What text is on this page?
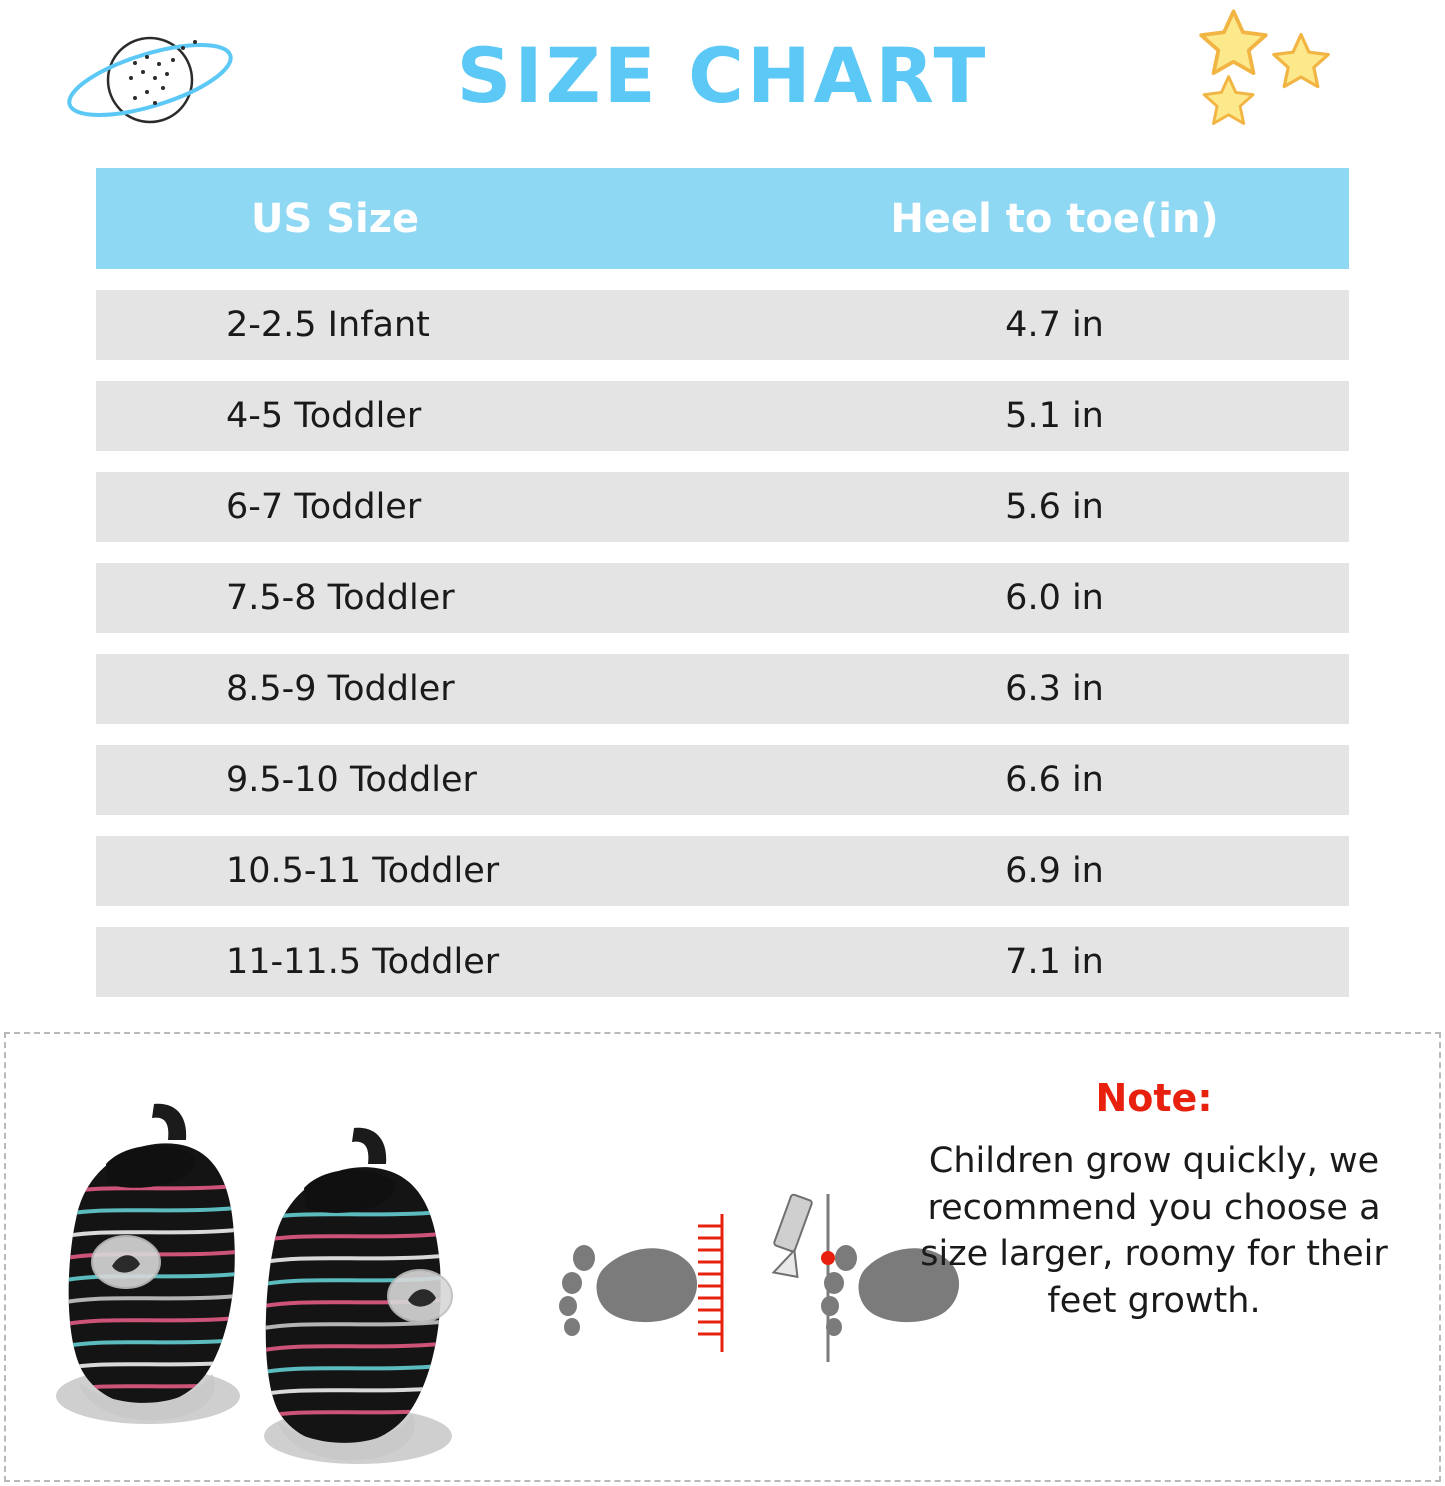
SIZE CHART
US Size	Heel to toe(in)
2-2.5 Infant	4.7 in
4-5 Toddler	5.1 in
6-7 Toddler	5.6 in
7.5-8 Toddler	6.0 in
8.5-9 Toddler	6.3 in
9.5-10 Toddler	6.6 in
10.5-11 Toddler	6.9 in
11-11.5 Toddler	7.1 in
Note:
Children grow quickly, we recommend you choose a size larger, roomy for their feet growth.
